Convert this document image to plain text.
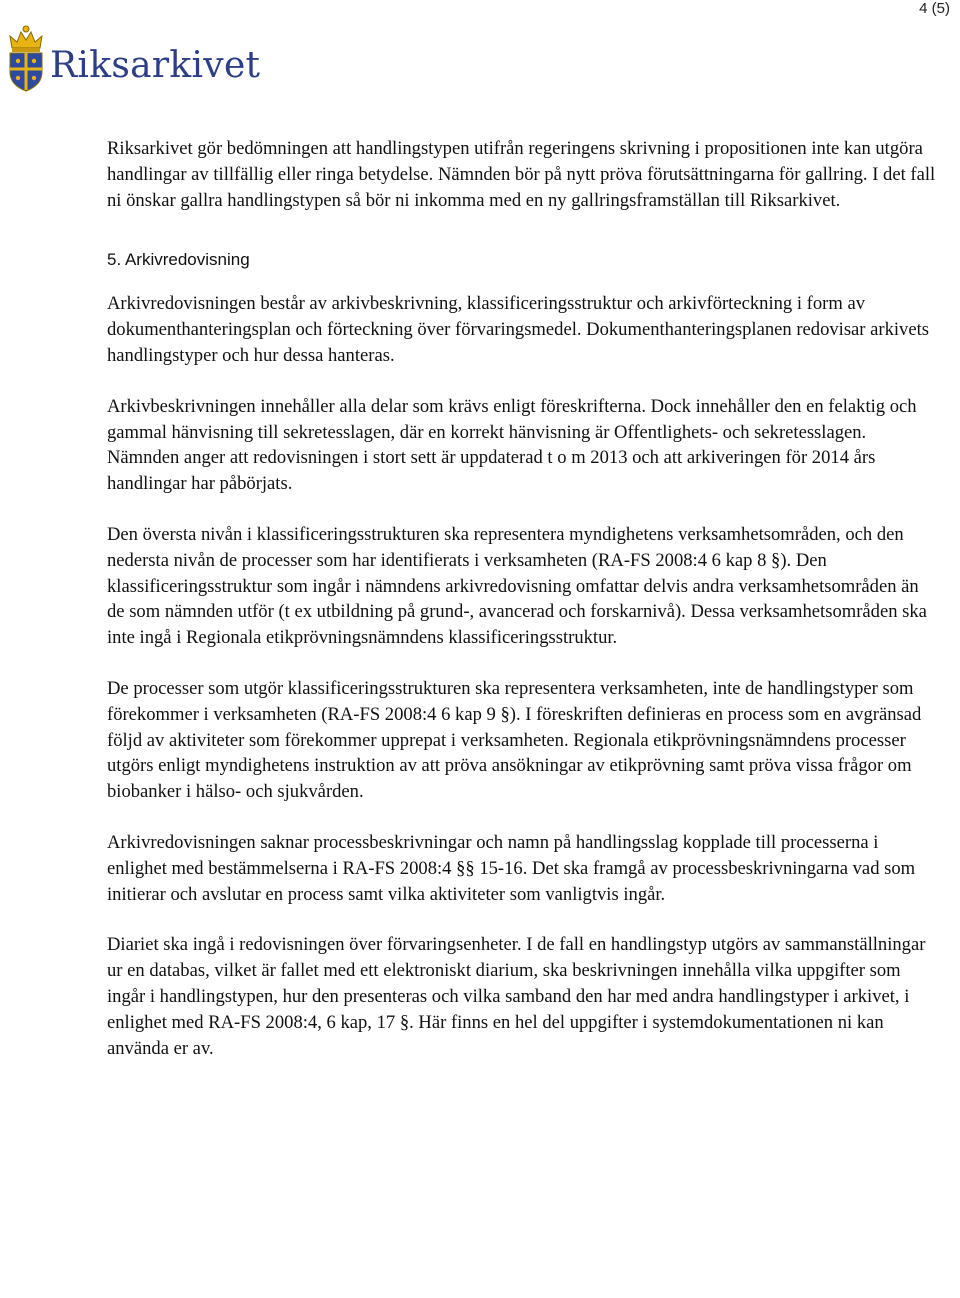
4 (5)
Riksarkivet

Riksarkivet gör bedömningen att handlingstypen utifrån regeringens skrivning i propositionen inte kan utgöra handlingar av tillfällig eller ringa betydelse. Nämnden bör på nytt pröva förutsättningarna för gallring. I det fall ni önskar gallra handlingstypen så bör ni inkomma med en ny gallringsframställan till Riksarkivet.

5. Arkivredovisning

Arkivredovisningen består av arkivbeskrivning, klassificeringsstruktur och arkivförteckning i form av dokumenthanteringsplan och förteckning över förvaringsmedel. Dokumenthanteringsplanen redovisar arkivets handlingstyper och hur dessa hanteras.

Arkivbeskrivningen innehåller alla delar som krävs enligt föreskrifterna. Dock innehåller den en felaktig och gammal hänvisning till sekretesslagen, där en korrekt hänvisning är Offentlighets- och sekretesslagen. Nämnden anger att redovisningen i stort sett är uppdaterad t o m 2013 och att arkiveringen för 2014 års handlingar har påbörjats.

Den översta nivån i klassificeringsstrukturen ska representera myndighetens verksamhetsområden, och den nedersta nivån de processer som har identifierats i verksamheten (RA-FS 2008:4 6 kap 8 §). Den klassificeringsstruktur som ingår i nämndens arkivredovisning omfattar delvis andra verksamhetsområden än de som nämnden utför (t ex utbildning på grund-, avancerad och forskarnivå). Dessa verksamhetsområden ska inte ingå i Regionala etikprövningsnämndens klassificeringsstruktur.

De processer som utgör klassificeringsstrukturen ska representera verksamheten, inte de handlingstyper som förekommer i verksamheten (RA-FS 2008:4 6 kap 9 §). I föreskriften definieras en process som en avgränsad följd av aktiviteter som förekommer upprepat i verksamheten. Regionala etikprövningsnämndens processer utgörs enligt myndighetens instruktion av att pröva ansökningar av etikprövning samt pröva vissa frågor om biobanker i hälso- och sjukvården.

Arkivredovisningen saknar processbeskrivningar och namn på handlingsslag kopplade till processerna i enlighet med bestämmelserna i RA-FS 2008:4 §§ 15-16. Det ska framgå av processbeskrivningarna vad som initierar och avslutar en process samt vilka aktiviteter som vanligtvis ingår.

Diariet ska ingå i redovisningen över förvaringsenheter. I de fall en handlingstyp utgörs av sammanställningar ur en databas, vilket är fallet med ett elektroniskt diarium, ska beskrivningen innehålla vilka uppgifter som ingår i handlingstypen, hur den presenteras och vilka samband den har med andra handlingstyper i arkivet, i enlighet med RA-FS 2008:4, 6 kap, 17 §. Här finns en hel del uppgifter i systemdokumentationen ni kan använda er av.
